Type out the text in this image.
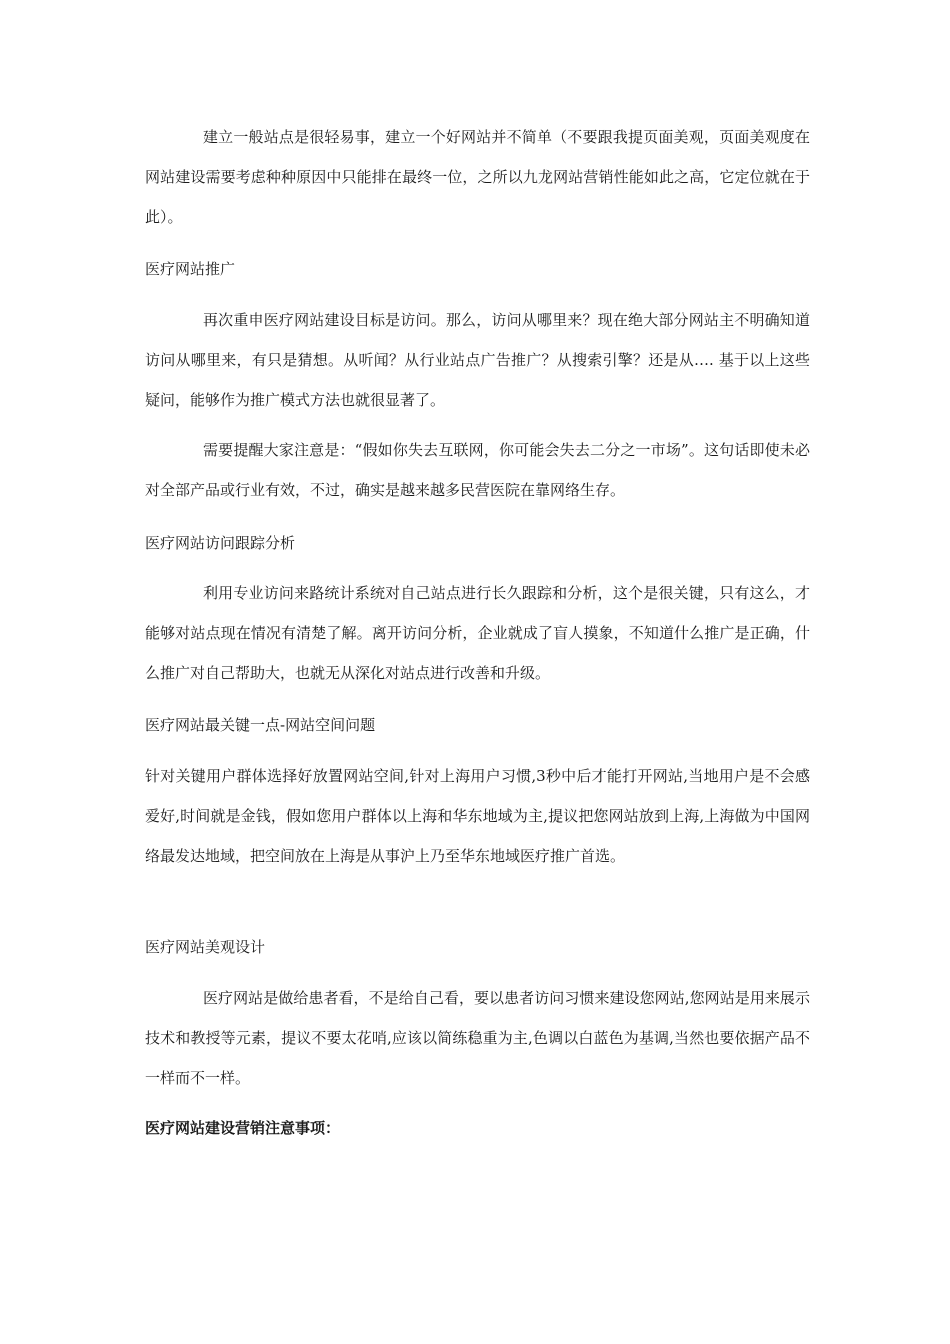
建立一般站点是很轻易事，建立一个好网站并不简单（不要跟我提页面美观，页面美观度在网站建设需要考虑种种原因中只能排在最终一位，之所以九龙网站营销性能如此之高，它定位就在于此）。

医疗网站推广

再次重申医疗网站建设目标是访问。那么，访问从哪里来？现在绝大部分网站主不明确知道访问从哪里来，有只是猜想。从听闻？从行业站点广告推广？从搜索引擎？还是从…. 基于以上这些疑问，能够作为推广模式方法也就很显著了。

需要提醒大家注意是：“假如你失去互联网，你可能会失去二分之一市场”。这句话即使未必对全部产品或行业有效，不过，确实是越来越多民营医院在靠网络生存。

医疗网站访问跟踪分析

利用专业访问来路统计系统对自己站点进行长久跟踪和分析，这个是很关键，只有这么，才能够对站点现在情况有清楚了解。离开访问分析，企业就成了盲人摸象，不知道什么推广是正确，什么推广对自己帮助大，也就无从深化对站点进行改善和升级。

医疗网站最关键一点-网站空间问题

针对关键用户群体选择好放置网站空间,针对上海用户习惯,3秒中后才能打开网站,当地用户是不会感爱好,时间就是金钱，假如您用户群体以上海和华东地域为主,提议把您网站放到上海,上海做为中国网络最发达地域，把空间放在上海是从事沪上乃至华东地域医疗推广首选。

医疗网站美观设计

医疗网站是做给患者看，不是给自己看，要以患者访问习惯来建设您网站,您网站是用来展示技术和教授等元素，提议不要太花哨,应该以简练稳重为主,色调以白蓝色为基调,当然也要依据产品不一样而不一样。

医疗网站建设营销注意事项：
